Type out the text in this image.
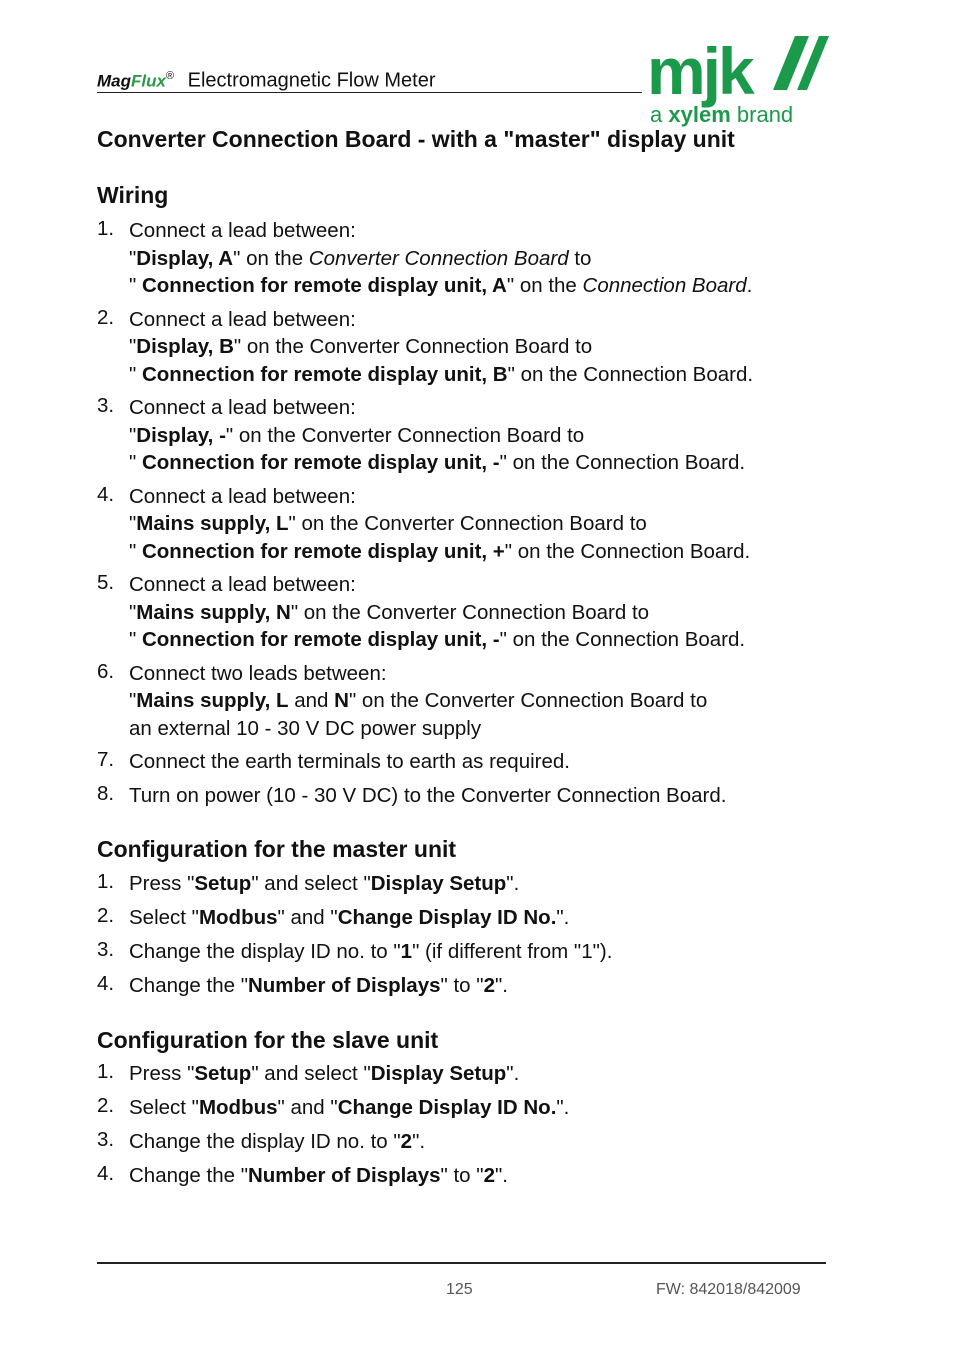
MagFlux® Electromagnetic Flow Meter	mjk
a xylem brand
Converter Connection Board - with a "master" display unit
Wiring
1. Connect a lead between:
"Display, A" on the Converter Connection Board to
" Connection for remote display unit, A" on the Connection Board.
2. Connect a lead between:
"Display, B" on the Converter Connection Board to
" Connection for remote display unit, B" on the Connection Board.
3. Connect a lead between:
"Display, -" on the Converter Connection Board to
" Connection for remote display unit, -" on the Connection Board.
4. Connect a lead between:
"Mains supply, L" on the Converter Connection Board to
" Connection for remote display unit, +" on the Connection Board.
5. Connect a lead between:
"Mains supply, N" on the Converter Connection Board to
" Connection for remote display unit, -" on the Connection Board.
6. Connect two leads between:
"Mains supply, L and N" on the Converter Connection Board to
an external 10 - 30 V DC power supply
7. Connect the earth terminals to earth as required.
8. Turn on power (10 - 30 V DC) to the Converter Connection Board.
Configuration for the master unit
1. Press "Setup" and select "Display Setup".
2. Select "Modbus" and "Change Display ID No.".
3. Change the display ID no. to "1" (if different from "1").
4. Change the "Number of Displays" to "2".
Configuration for the slave unit
1. Press "Setup" and select "Display Setup".
2. Select "Modbus" and "Change Display ID No.".
3. Change the display ID no. to "2".
4. Change the "Number of Displays" to "2".
125	FW: 842018/842009
